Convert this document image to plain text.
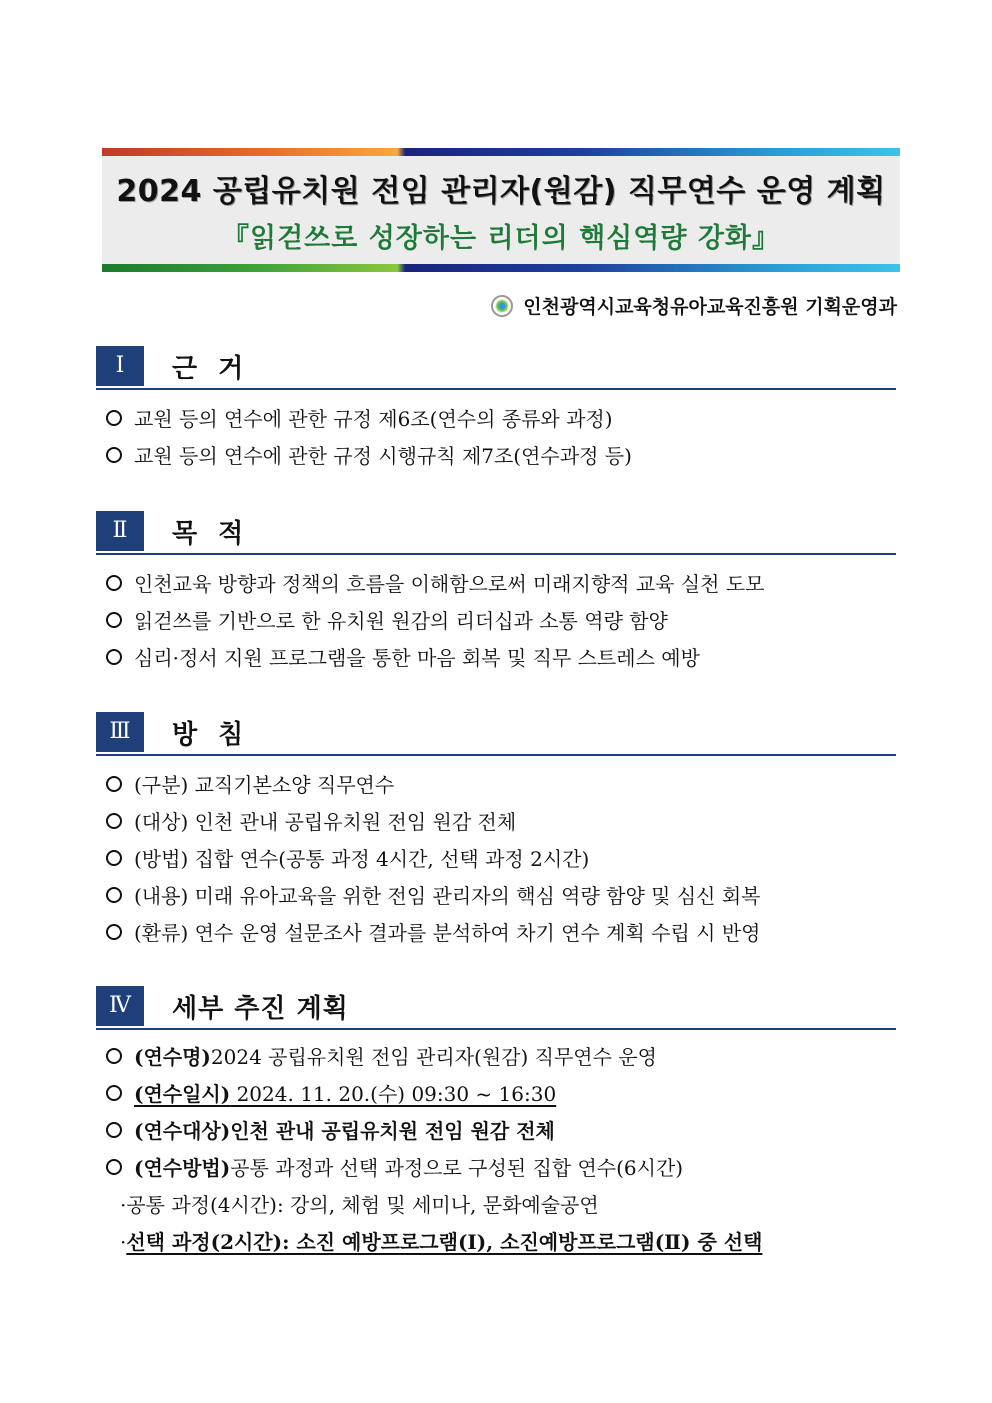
2024 공립유치원 전임 관리자(원감) 직무연수 운영 계획
『읽걷쓰로 성장하는 리더의 핵심역량 강화』
인천광역시교육청유아교육진흥원 기획운영과
Ⅰ	근 거
교원 등의 연수에 관한 규정 제6조(연수의 종류와 과정)
교원 등의 연수에 관한 규정 시행규칙 제7조(연수과정 등)
Ⅱ	목 적
인천교육 방향과 정책의 흐름을 이해함으로써 미래지향적 교육 실천 도모
읽걷쓰를 기반으로 한 유치원 원감의 리더십과 소통 역량 함양
심리·정서 지원 프로그램을 통한 마음 회복 및 직무 스트레스 예방
Ⅲ	방 침
(구분) 교직기본소양 직무연수
(대상) 인천 관내 공립유치원 전임 원감 전체
(방법) 집합 연수(공통 과정 4시간, 선택 과정 2시간)
(내용) 미래 유아교육을 위한 전임 관리자의 핵심 역량 함양 및 심신 회복
(환류) 연수 운영 설문조사 결과를 분석하여 차기 연수 계획 수립 시 반영
Ⅳ	세부 추진 계획
(연수명) 2024 공립유치원 전임 관리자(원감) 직무연수 운영
(연수일시) 2024. 11. 20.(수) 09:30 ~ 16:30
(연수대상) 인천 관내 공립유치원 전임 원감 전체
(연수방법) 공통 과정과 선택 과정으로 구성된 집합 연수(6시간)
·공통 과정(4시간): 강의, 체험 및 세미나, 문화예술공연
·선택 과정(2시간): 소진 예방프로그램(Ⅰ), 소진예방프로그램(Ⅱ) 중 선택
